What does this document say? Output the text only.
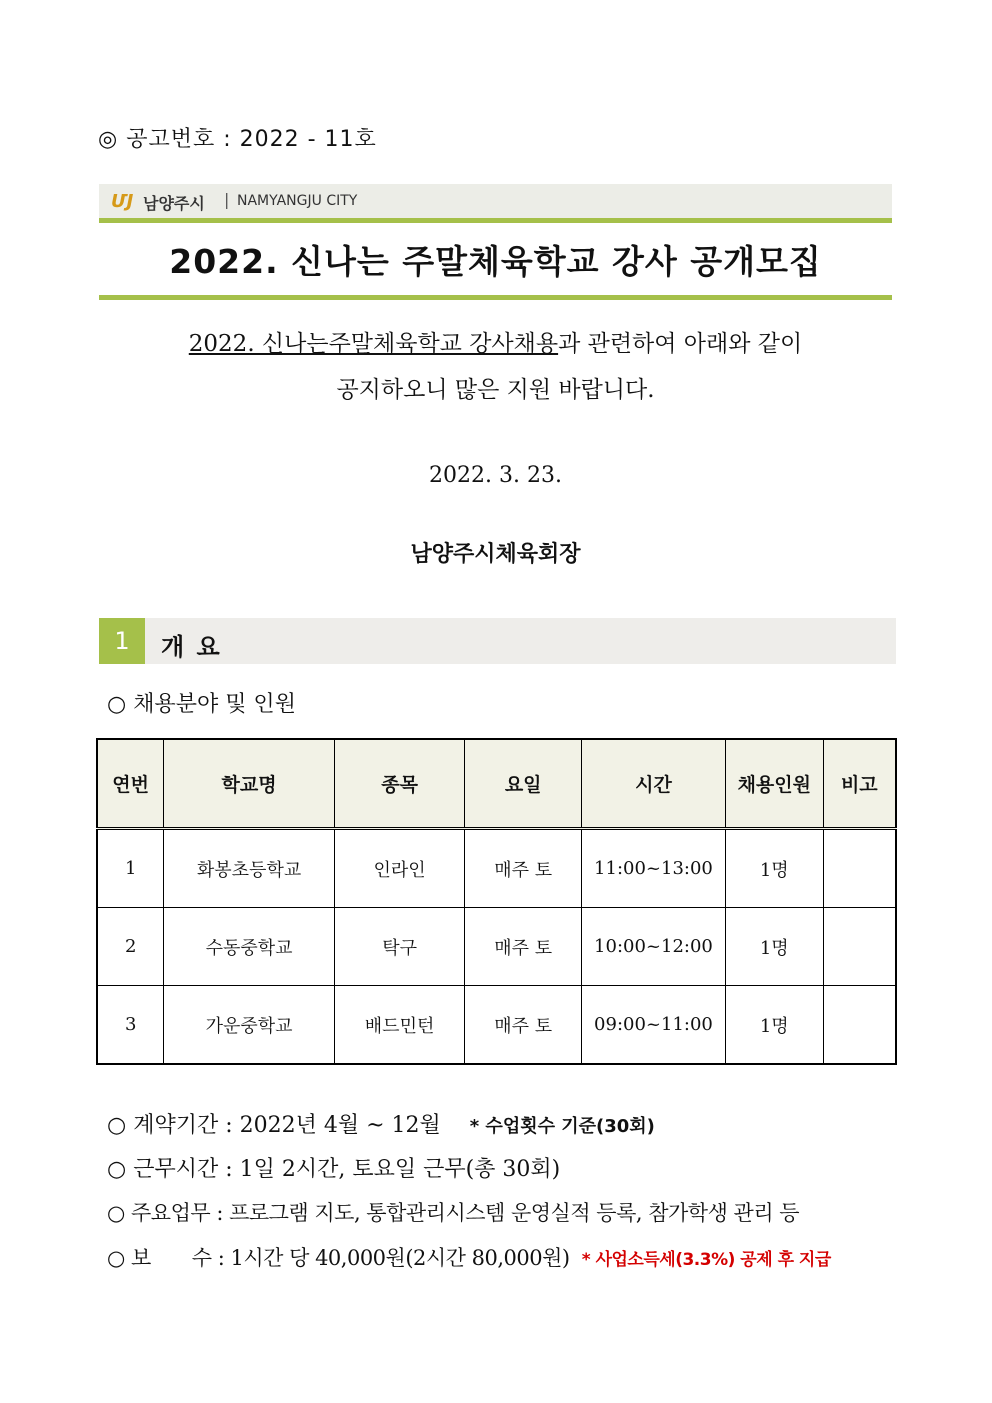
◎ 공고번호 : 2022 - 11호
ՄJ 남양주시 | NAMYANGJU CITY
2022. 신나는 주말체육학교 강사 공개모집
2022. 신나는주말체육학교 강사채용과 관련하여 아래와 같이
공지하오니 많은 지원 바랍니다.
2022. 3. 23.
남양주시체육회장
1	개 요
○ 채용분야 및 인원
연번	학교명	종목	요일	시간	채용인원	비고
1	화봉초등학교	인라인	매주 토	11:00~13:00	1명	
2	수동중학교	탁구	매주 토	10:00~12:00	1명	
3	가운중학교	배드민턴	매주 토	09:00~11:00	1명	
○ 계약기간 : 2022년 4월 ~ 12월 * 수업횟수 기준(30회)
○ 근무시간 : 1일 2시간, 토요일 근무(총 30회)
○ 주요업무 : 프로그램 지도, 통합관리시스템 운영실적 등록, 참가학생 관리 등
○ 보　　수 : 1시간 당 40,000원(2시간 80,000원) * 사업소득세(3.3%) 공제 후 지급
